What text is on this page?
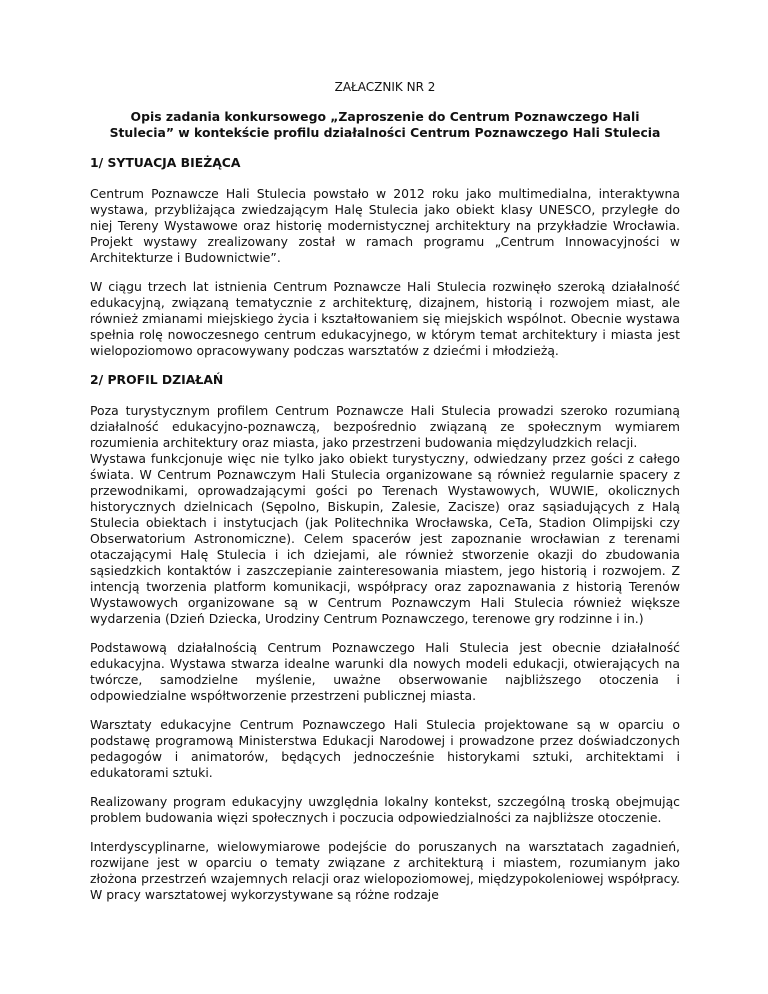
ZAŁACZNIK NR 2
Opis zadania konkursowego „Zaproszenie do Centrum Poznawczego Hali
Stulecia” w kontekście profilu działalności Centrum Poznawczego Hali Stulecia
1/ SYTUACJA BIEŻĄCA

Centrum Poznawcze Hali Stulecia powstało w 2012 roku jako multimedialna, interaktywna wystawa, przybliżająca zwiedzającym Halę Stulecia jako obiekt klasy UNESCO, przyległe do niej Tereny Wystawowe oraz historię modernistycznej architektury na przykładzie Wrocławia. Projekt wystawy zrealizowany został w ramach programu „Centrum Innowacyjności w Architekturze i Budownictwie”.

W ciągu trzech lat istnienia Centrum Poznawcze Hali Stulecia rozwinęło szeroką działalność edukacyjną, związaną tematycznie z architekturę, dizajnem, historią i rozwojem miast, ale również zmianami miejskiego życia i kształtowaniem się miejskich wspólnot. Obecnie wystawa spełnia rolę nowoczesnego centrum edukacyjnego, w którym temat architektury i miasta jest wielopoziomowo opracowywany podczas warsztatów z dziećmi i młodzieżą.

2/ PROFIL DZIAŁAŃ

Poza turystycznym profilem Centrum Poznawcze Hali Stulecia prowadzi szeroko rozumianą działalność edukacyjno-poznawczą, bezpośrednio związaną ze społecznym wymiarem rozumienia architektury oraz miasta, jako przestrzeni budowania międzyludzkich relacji.

Wystawa funkcjonuje więc nie tylko jako obiekt turystyczny, odwiedzany przez gości z całego świata. W Centrum Poznawczym Hali Stulecia organizowane są również regularnie spacery z przewodnikami, oprowadzającymi gości po Terenach Wystawowych, WUWIE, okolicznych historycznych dzielnicach (Sępolno, Biskupin, Zalesie, Zacisze) oraz sąsiadujących z Halą Stulecia obiektach i instytucjach (jak Politechnika Wrocławska, CeTa, Stadion Olimpijski czy Obserwatorium Astronomiczne). Celem spacerów jest zapoznanie wrocławian z terenami otaczającymi Halę Stulecia i ich dziejami, ale również stworzenie okazji do zbudowania sąsiedzkich kontaktów i zaszczepianie zainteresowania miastem, jego historią i rozwojem. Z intencją tworzenia platform komunikacji, współpracy oraz zapoznawania z historią Terenów Wystawowych organizowane są w Centrum Poznawczym Hali Stulecia również większe wydarzenia (Dzień Dziecka, Urodziny Centrum Poznawczego, terenowe gry rodzinne i in.)

Podstawową działalnością Centrum Poznawczego Hali Stulecia jest obecnie działalność edukacyjna. Wystawa stwarza idealne warunki dla nowych modeli edukacji, otwierających na twórcze, samodzielne myślenie, uważne obserwowanie najbliższego otoczenia i odpowiedzialne współtworzenie przestrzeni publicznej miasta.

Warsztaty edukacyjne Centrum Poznawczego Hali Stulecia projektowane są w oparciu o podstawę programową Ministerstwa Edukacji Narodowej i prowadzone przez doświadczonych pedagogów i animatorów, będących jednocześnie historykami sztuki, architektami i edukatorami sztuki.

Realizowany program edukacyjny uwzględnia lokalny kontekst, szczególną troską obejmując problem budowania więzi społecznych i poczucia odpowiedzialności za najbliższe otoczenie.

Interdyscyplinarne, wielowymiarowe podejście do poruszanych na warsztatach zagadnień, rozwijane jest w oparciu o tematy związane z architekturą i miastem, rozumianym jako złożona przestrzeń wzajemnych relacji oraz wielopoziomowej, międzypokoleniowej współpracy. W pracy warsztatowej wykorzystywane są różne rodzaje
